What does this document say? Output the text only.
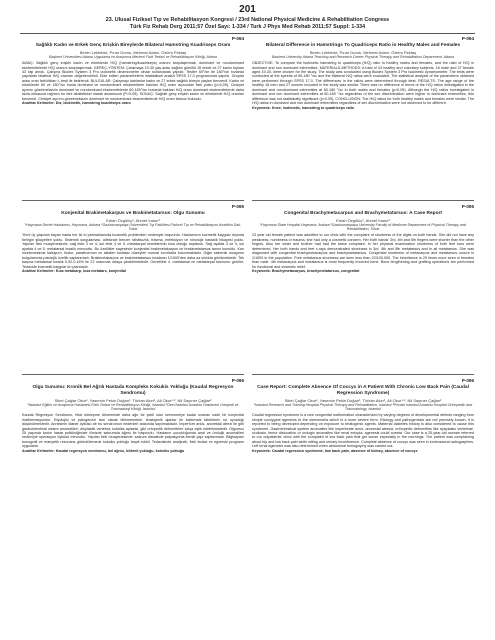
201
23. Ulusal Fiziksel Tıp ve Rehabilitasyon Kongresi / 23rd National Physical Medicine & Rehabilitation Congress
Türk Fiz Rehab Derg 2011;57 Özel Sayı: 1-334 / Turk J Phys Med Rehab 2011;57 Suppl: 1-334
P-094
Sağlıklı Kadın ve Erkek Genç Erişkin Bireylerde Bilateral Hamstring Kuadriseps Oranı
Berrin Leblebici, Pınar Doruk, Mehmet Adam, Özlem Pektaş
Başkent Üniversitesi Adana Uygulama ve Araştırma Merkezi Fizik Tedavi ve Rehabilitasyon Kliniği, Adana
AMAÇ: Sağlıklı genç erişkin kadın ve erkeklerde H/Q (hamstring/kuadriseps) oranını karşılaştırmak, dominant ve nondominant ekstremitelerde H/Q oranını karşılaştırmak. GEREÇ-YÖNTEM: Çalışmaya 19-30 yaş arası sağlıklı gönüllü 16 erkek ve 27 kadın toplam 43 kişi alındı. Çalışma Biodex System 3 Pro izokinetik dinamometre cihazı kullanılarak yapıldı. Testler 60°/sn ile 180°/sn hızlarda yapılarak bilateral H/Q oranları değerlendirildi. Elde edilen parametrelerin istatistiksel analizi SPSS 17.0 programında yapıldı. Gruplar arası oran farklılıkları t- testi ile belirlendi. BULGULAR: Çalışmayı katılanlar kadın ve 27 erkek sağlıklı bireyin yaşları benzerdi. Kadın ve erkeklerde 60 ve 180°/sn hızda dominant ve nondominant ekstremiteler bakılan H/Q oranı açısından fark yoktu (p>0,05). Cinsiyet ayırımı gözetmeksizin dominant ve nondominant ekstremitelerde 60-180°/sn hızlarda bakılan H/Q oranı dominant ekstremitelerde daha fazla olmasına rağmen bu fark istatistiksel olarak anlamsızdı (P>0,05). SONUÇ: Sağlıklı genç erişkin kadın ve erkeklerde H/Q oranları benzerdi. Cinsiyet ayırımı gözetmeksizin dominant ve nondominant ekstremitelerde H/Q oranı farksız bulundu.
Anahtar Kelimeler: Diz, izokinetik, hamstring kuadriseps oranı
P-094
Bilateral Difference in Hamstrings To Quadriceps Ratio in Healthy Males and Females
Berrin Leblebici, Pınar Doruk, Mehmet Adam, Özlem Pektaş
Baskent University Adana Teaching and Research Center Physical Therapy and Rehabilitation Department, Adana
OBJECTIVE: To compare the isokinetic hamstring to quadriceps (H/Q) ratio in healthy males and females, and the ratio of H/Q in dominant and non dominant extremities. MATERIALS-METHODS: A total of 43 healthy and voluntary subjects, 16 male and 27 female aged 19-30, were chosen for the study. The study was conducted using Biodex System 3 Pro isokinetic dynamometer. The tests were conducted at the speeds of 60-180 °/sc and the bilateral H/Q ratios were evaluated. The statistical analysis of the parameters obtained were performed through SPSS 17.0. The differences in the ratios were determined through ttest. RESULTS: The age range of the healthy 16 men and 27 women included in the study was similar. There was no difference in terms of the H/Q ratios investigated in the dominant and nondominant extremities at 60-180 °/sc in both males and females (p>0.05). Although the H/Q ratios investigated in dominant and non dominant extremities at 60-180 °/sc regardless of the sex discrimination were higher in dominant extremities, this difference was not statistically significant (p>0.05). CONCLUSION: The H/Q ratios for both healthy males and females were similar. The H/Q ratios in dominant and non dominant extremities regardless of sex discrimination were not observed to be different.
Keywords: Knee, isokinetic, hamstring to quadriceps ratio
P-095
Konjenital Brakimetakarpus ve Brakimetatarsus: Olgu Sunumu
Erkan Özgülüç¹, Ahmet İnanır²
¹Haymana Devlet Hastanesi, Haymana, Ankara ²Gaziosmanpaşa Üniversitesi Tıp Fakültesi Fiziksel Tıp ve Rehabilitasyon Anabilim Dalı, Tokat
Yirmi üç yaşında bayan hasta her iki el parmaklarında kozmetik problemleri nedeniyle başvurdu. Hastamızın kozmetik kaygılar dışında belirgin şikayetleri yoktu. Sistemik sorgulaması, ailesinde benzer rahatsızlık, travma, enfeksiyon ve nörolojik hastalık hikayesi yoktu. Yapılan fizik muayenesinde; sağ elde 3 ve 4, sol elde 4 ve 5. metakarpal kemiklerinin kısa olduğu saptandı. Sağ ayakta 3 ve 4, sol ayakta 4 ve 5. metatarsal kısalık mevcuttu. Bu özellikler sayesinde konjenital brakimetakarpus ve brakimetatarsus tanısı konuldu. Kan incelemesinde kalsiyum, fosfor, parathormon ve alkalen fosfataz düzeyleri normal sınırlarda bulunmaktadır. Diğer sistemik muayene bulgularında patolojik özellik saptanmadı. Brakimetakarpus ve brakimetatarsus insidansı 1/1000'den daha az sıklıkta görülmektedir. Tek başına metatarsal kısalık 0.02-0.16% ile 22 oranında ortaya çıkabilmektedir. Genellikle 4. metatarsal ve metakarpal tutulumu görülür. Tedavide kozmetik kaygılar ön plandadır.
Anahtar Kelimeler: Kısa metakarp, kısa metatars, konjenital
P-095
Congenital Brachymetacarpus and Brachymetatarsus: A Case Report
Erkan Özgülüç¹, Ahmet İnanır²
¹Haymana State Hospital Haymana, Ankara ²Gaziosmanpaşa University Faculty of Medicine Department of Physical Therapy and Rehabilitation, Tokat
23 year old female patient was admitted to our clinic with the complaint of shortness of the digits on both hands. She did not have any weakness, numbness or trauma, she had only a cosmetic concern. Her both hands' 3rd, 4th and 5th fingers were shorter than the other fingers. Also her sister and brother had had the same complaint. In her physical examination shortness of both feet toes were determined. Her both hands and feet x-rays demonstrated shortness in 3rd, 4th and 5th metatarsus and in all metatarsus. She was diagnosed with congenital brachymetacarpus and brachymetatarsus. Congenital shortness of metacarpus and metatarsus occurs in 1/1000 in the population. Pure metatarsus shortness are seen less than 22/100,000. The inheritance is 25 times more seen in females than male. 4th metacarpus and metatarsus is most frequently involved bone. Bone lengthening and grafting operations are performed for functional and cosmetic relief.
Keywords: Brachymetacarpus, brachymetatarsus, congenital
P-096
Olgu Sunumu: Kronik Bel Ağrılı Hastada Kompleks Kokukis Yokluğu (Kaudal Regresyon Sendromu)
Sibel Çağlar Okur¹, Yasemin Pekin Doğan¹, Türkan Akın², Ali Okur¹·², Nil Sayıner Çağlar²
¹İstanbul Eğitim ve Araştırma Hastanesi Fizik Tedavi ve Rehabilitasyon Kliniği, İstanbul ²Özel İstanbul Anadolu Hastanesi Ortopedi ve Travmatoloji Kliniği, İstanbul
Kaudal Regresyon Sendromu, fetal kökleşme döneminde daha ağır bir şekil olan sirenomelye kadar uzanan nadir bir konjenital malformasyondur. Etyolojisi ve patogenezi tam olarak bilinmemekle, teratojenik ajanlar ile kalıtımsal faktörlerin rol oynadığı düşünülmektedir. Annesinin diabet öyküsü de bu sendromun nedenleri arasında sayılmaktadır. İmperfore anüs, anorektal atrezi ile gibi gastrointestinal sistem anomalileri, displastik vertebra, kokkiks aplazisi, gibi ortopedik deformiteler sıkça eşlik edebilmektedir. Olgumuz 25 yaşında kadın hasta polikliniğimize ilimizde sakrumda ağrısı ile başvurdu. Hastanın çocukluğunda anal ve ürolojik anomalileri nedeniyle operasyon öyküsü mevcuttu. Yapılan fizik muayenesinde; sakrum distalinde palpasyonla kemik yapı saptanmadı. Bilgisayarlı tomografi ve manyetik rezonans görüntülemede koksiks yokluğu tespit edildi. Tedavisinde analjezik, fizik tedavi ve egzersiz programı uygulandı.
Anahtar Kelimeler: Kaudal regresyon sendromu, bel ağrısı, böbrek yokluğu, koksiks yokluğu
P-096
Case Report: Complete Absence Of Coccyx in A Patient With Chronic Low Back Pain (Caudal Regression Syndrome)
Sibel Çağlar Okur¹, Yasemin Pekin Doğan¹, Türkan Akın², Ali Okur¹·², Nil Sayıner Çağlar²
¹Istanbul Research and Training Hospital Physical Therapy and Rehabilitation, Istanbul ²Private Istanbul Anadolu Hospital Orthopedic and Traumatology, Istanbul
Caudal regression syndrome is a rare congenital malformation characterized by varying degrees of developmental defects ranging from simple coccygeal agenesis to the sirenomelia which is a more severe form. Etiology and pathogenesis are not precisely known, it is reported to being developed depending on exposure to teratogenic agents. Maternal diabetes history is also considered to cause this syndrome. Gastrointestinal system anomalies like imperforate anus, anorectal atresia, orthopedic deformities like dysplastic vertebrae, scoliosis, femur dislocation or urologic anomalies like renal ectopia, agenesis could coexist. Our case is a 25-year-old woman referred to our outpatients' clinic with the complaint of low back pain that got worse especially in the mornings. The patient was complaining about hip and low back pain while sitting and urinary incontinence. Complete absence of coccyx was seen in lumbosacral radiographies. Left renal agenesis was also determined when abdominal tomography was carried out.
Keywords: Caudal regression syndrome, low back pain, absence of kidney, absence of coccyx
